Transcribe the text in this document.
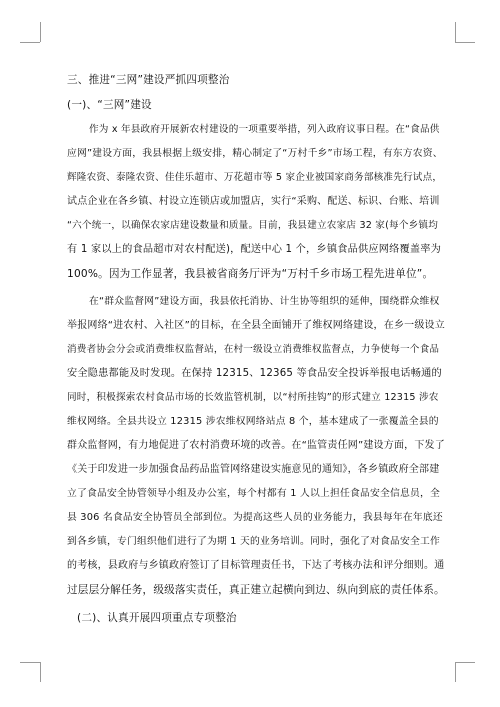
三、推进“三网”建设严抓四项整治
(一)、“三网”建设
作为 x 年县政府开展新农村建设的一项重要举措，列入政府议事日程。在“食品供
应网”建设方面，我县根据上级安排，精心制定了“万村千乡”市场工程，有东方农资、
辉隆农资、泰隆农资、佳佳乐超市、万花超市等 5 家企业被国家商务部核准先行试点，
试点企业在各乡镇、村设立连锁店或加盟店，实行“采购、配送、标识、台账、培训
“六个统一，以确保农家店建设数量和质量。目前，我县建立农家店 32 家(每个乡镇均
有 1 家以上的食品超市对农村配送)，配送中心 1 个，乡镇食品供应网络覆盖率为
100%。因为工作显著，我县被省商务厅评为“万村千乡市场工程先进单位”。
在“群众监督网”建设方面，我县依托消协、计生协等组织的延伸，围绕群众维权
举报网络“进农村、入社区”的目标，在全县全面铺开了维权网络建设，在乡一级设立
消费者协会分会或消费维权监督站，在村一级设立消费维权监督点，力争使每一个食品
安全隐患都能及时发现。在保持 12315、12365 等食品安全投诉举报电话畅通的
同时，积极探索农村食品市场的长效监管机制，以“村所挂钩”的形式建立 12315 涉农
维权网络。全县共设立 12315 涉农维权网络站点 8 个，基本建成了一张覆盖全县的
群众监督网，有力地促进了农村消费环境的改善。在“监管责任网”建设方面，下发了
《关于印发进一步加强食品药品监管网络建设实施意见的通知》，各乡镇政府全部建
立了食品安全协管领导小组及办公室，每个村都有 1 人以上担任食品安全信息员，全
县 306 名食品安全协管员全部到位。为提高这些人员的业务能力，我县每年在年底还
到各乡镇，专门组织他们进行了为期 1 天的业务培训。同时，强化了对食品安全工作
的考核，县政府与乡镇政府签订了目标管理责任书，下达了考核办法和评分细则。通
过层层分解任务，级级落实责任，真正建立起横向到边、纵向到底的责任体系。
(二)、认真开展四项重点专项整治
